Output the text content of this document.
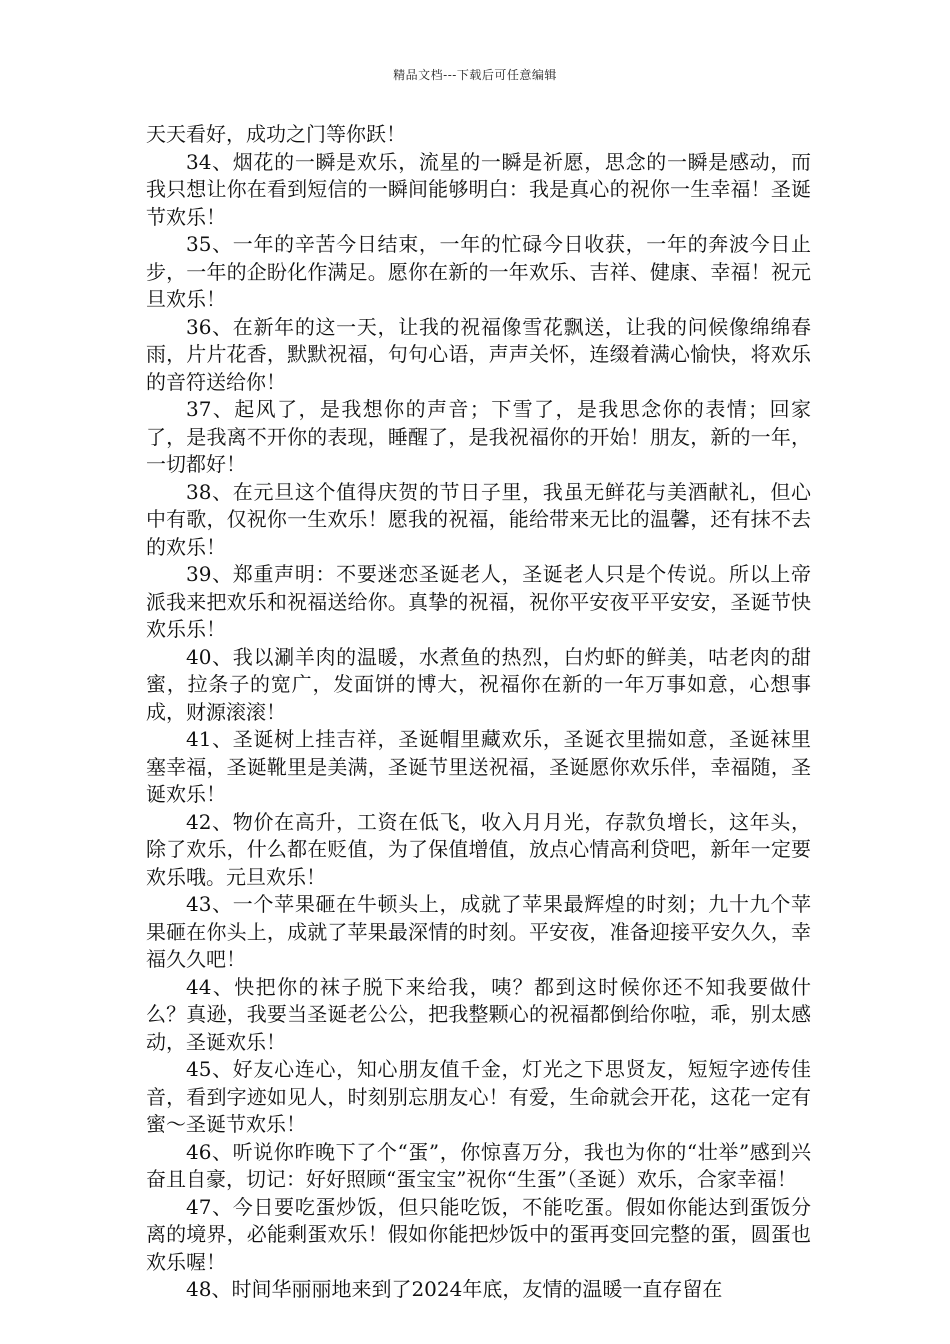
精品文档---下载后可任意编辑

天天看好，成功之门等你跃！

34、烟花的一瞬是欢乐，流星的一瞬是祈愿，思念的一瞬是感动，而我只想让你在看到短信的一瞬间能够明白：我是真心的祝你一生幸福！圣诞节欢乐！

35、一年的辛苦今日结束，一年的忙碌今日收获，一年的奔波今日止步，一年的企盼化作满足。愿你在新的一年欢乐、吉祥、健康、幸福！祝元旦欢乐！

36、在新年的这一天，让我的祝福像雪花飘送，让我的问候像绵绵春雨，片片花香，默默祝福，句句心语，声声关怀，连缀着满心愉快，将欢乐的音符送给你！

37、起风了，是我想你的声音；下雪了，是我思念你的表情；回家了，是我离不开你的表现，睡醒了，是我祝福你的开始！朋友，新的一年，一切都好！

38、在元旦这个值得庆贺的节日子里，我虽无鲜花与美酒献礼，但心中有歌，仅祝你一生欢乐！愿我的祝福，能给带来无比的温馨，还有抹不去的欢乐！

39、郑重声明：不要迷恋圣诞老人，圣诞老人只是个传说。所以上帝派我来把欢乐和祝福送给你。真挚的祝福，祝你平安夜平平安安，圣诞节快欢乐乐！

40、我以涮羊肉的温暖，水煮鱼的热烈，白灼虾的鲜美，咕老肉的甜蜜，拉条子的宽广，发面饼的博大，祝福你在新的一年万事如意，心想事成，财源滚滚！

41、圣诞树上挂吉祥，圣诞帽里藏欢乐，圣诞衣里揣如意，圣诞袜里塞幸福，圣诞靴里是美满，圣诞节里送祝福，圣诞愿你欢乐伴，幸福随，圣诞欢乐！

42、物价在高升，工资在低飞，收入月月光，存款负增长，这年头，除了欢乐，什么都在贬值，为了保值增值，放点心情高利贷吧，新年一定要欢乐哦。元旦欢乐！

43、一个苹果砸在牛顿头上，成就了苹果最辉煌的时刻；九十九个苹果砸在你头上，成就了苹果最深情的时刻。平安夜，准备迎接平安久久，幸福久久吧！

44、快把你的袜子脱下来给我，咦？都到这时候你还不知我要做什么？真逊，我要当圣诞老公公，把我整颗心的祝福都倒给你啦，乖，别太感动，圣诞欢乐！

45、好友心连心，知心朋友值千金，灯光之下思贤友，短短字迹传佳音，看到字迹如见人，时刻别忘朋友心！有爱，生命就会开花，这花一定有蜜～圣诞节欢乐！

46、听说你昨晚下了个“蛋”，你惊喜万分，我也为你的“壮举”感到兴奋且自豪，切记：好好照顾“蛋宝宝”祝你“生蛋”（圣诞）欢乐，合家幸福！

47、今日要吃蛋炒饭，但只能吃饭，不能吃蛋。假如你能达到蛋饭分离的境界，必能剩蛋欢乐！假如你能把炒饭中的蛋再变回完整的蛋，圆蛋也欢乐喔！

48、时间华丽丽地来到了2024年底，友情的温暖一直存留在
